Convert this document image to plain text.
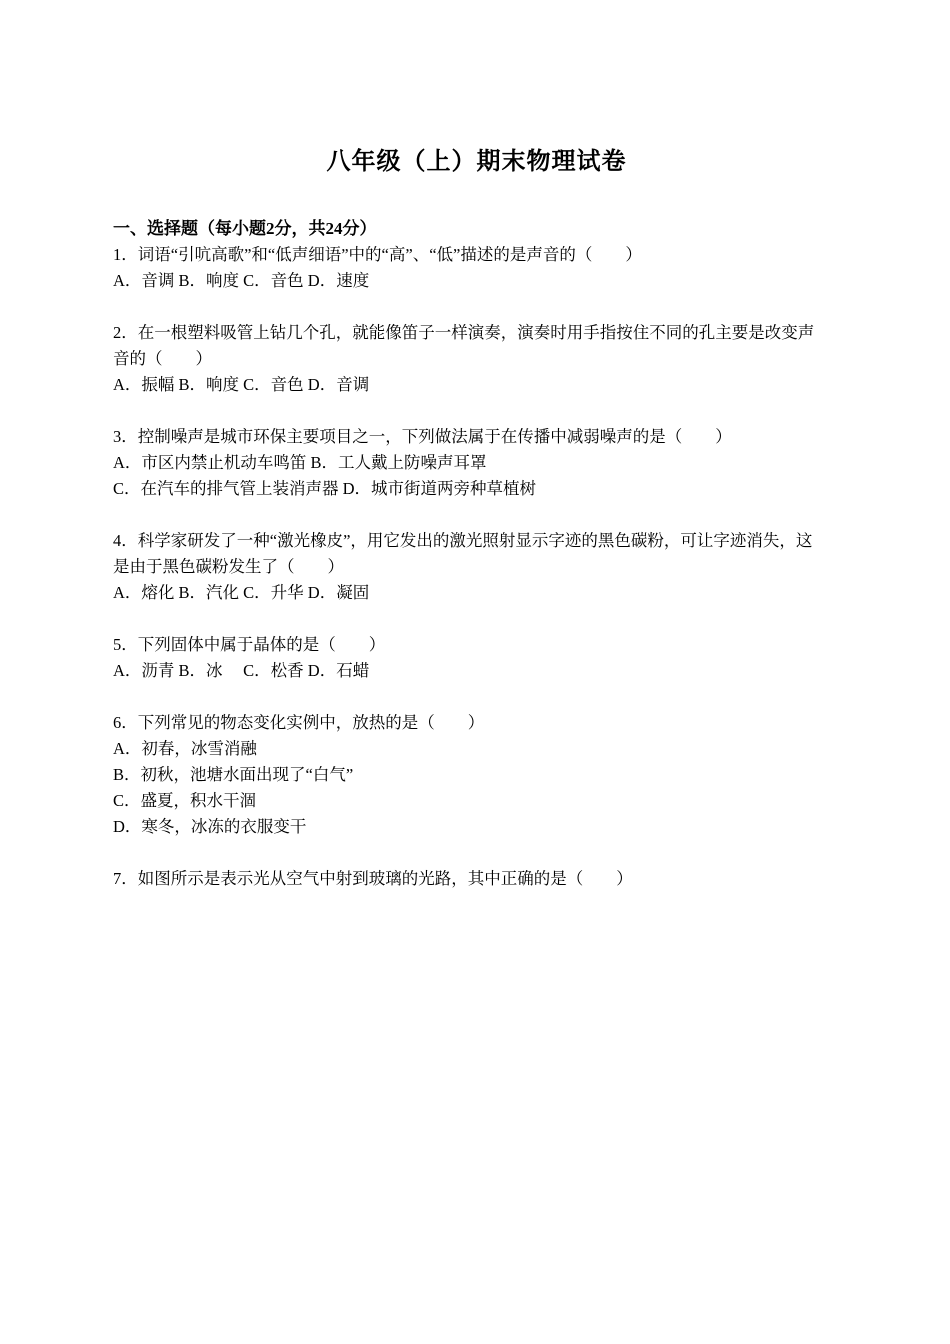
八年级（上）期末物理试卷
一、选择题（每小题2分，共24分）

1．词语“引吭高歌”和“低声细语”中的“高”、“低”描述的是声音的（　　）

A．音调 B．响度 C．音色 D．速度

2．在一根塑料吸管上钻几个孔，就能像笛子一样演奏，演奏时用手指按住不同的孔主要是改变声

音的（　　）

A．振幅 B．响度 C．音色 D．音调

3．控制噪声是城市环保主要项目之一，下列做法属于在传播中减弱噪声的是（　　）

A．市区内禁止机动车鸣笛 B．工人戴上防噪声耳罩

C．在汽车的排气管上装消声器 D．城市街道两旁种草植树

4．科学家研发了一种“激光橡皮”，用它发出的激光照射显示字迹的黑色碳粉，可让字迹消失，这

是由于黑色碳粉发生了（　　）

A．熔化 B．汽化 C．升华 D．凝固

5．下列固体中属于晶体的是（　　）

A．沥青 B．冰　 C．松香 D．石蜡

6．下列常见的物态变化实例中，放热的是（　　）

A．初春，冰雪消融

B．初秋，池塘水面出现了“白气”

C．盛夏，积水干涸

D．寒冬，冰冻的衣服变干

7．如图所示是表示光从空气中射到玻璃的光路，其中正确的是（　　）
